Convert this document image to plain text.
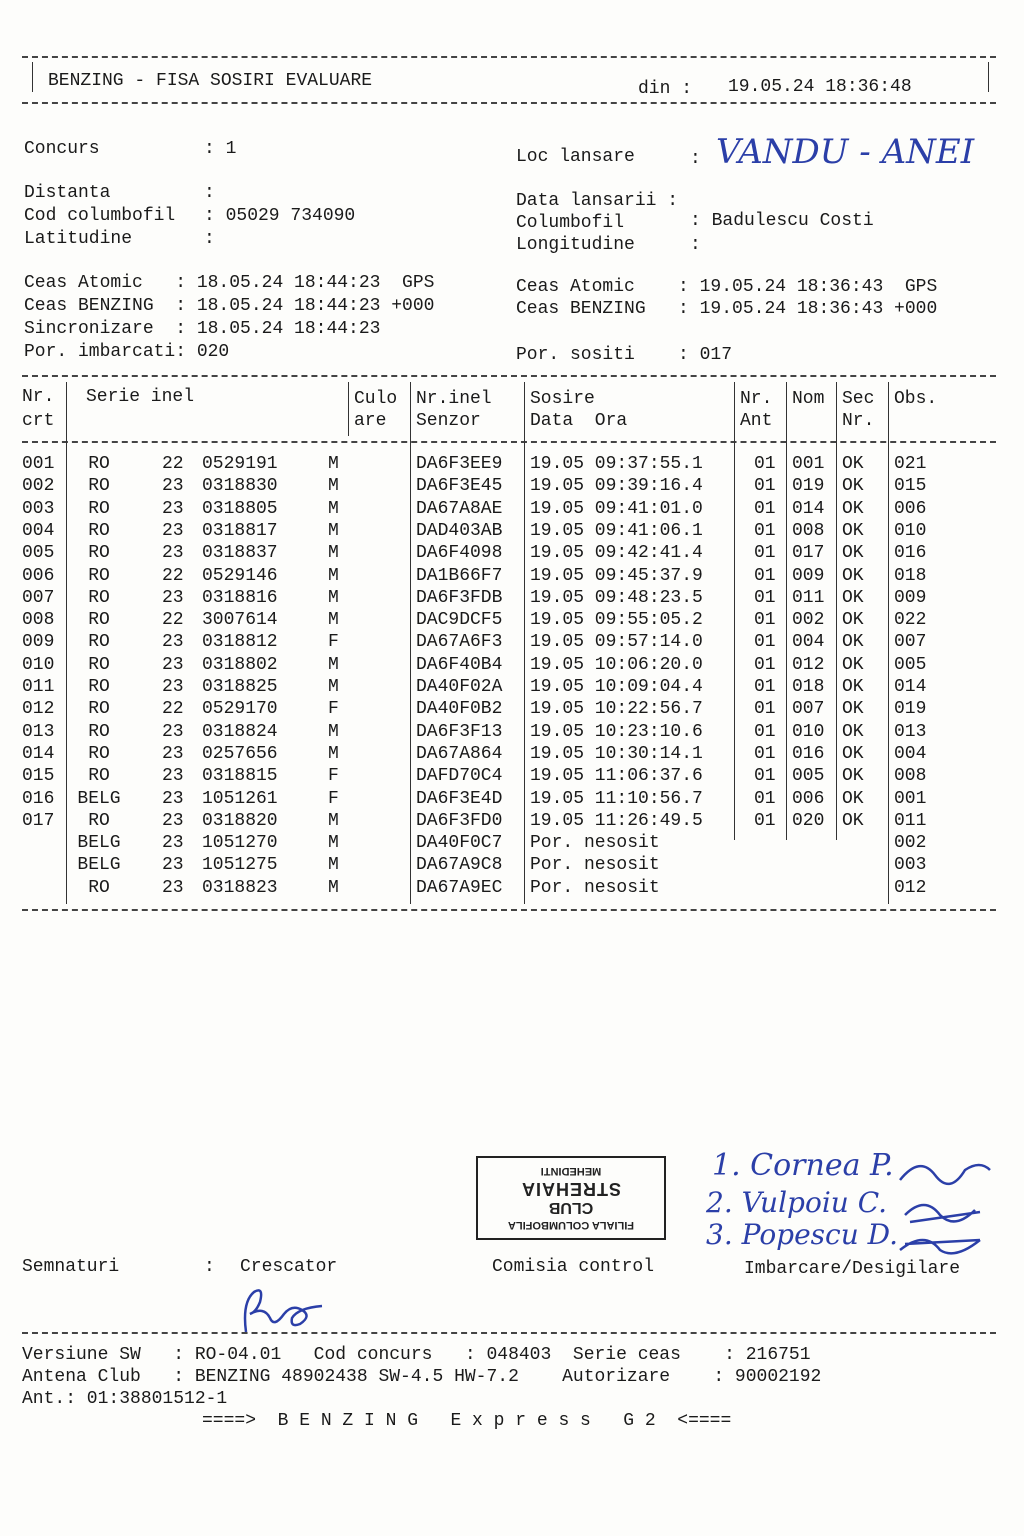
BENZING - FISA SOSIRI EVALUARE	din : 19.05.24 18:36:48
Concurs	: 1	Loc lansare	: VANDU - ANEI
Distanta	:
Cod columbofil : 05029 734090
Latitudine	:
Data lansarii :
Columbofil	: Badulescu Costi
Longitudine	:
Ceas Atomic   : 18.05.24 18:44:23  GPS
Ceas BENZING  : 18.05.24 18:44:23 +000
Sincronizare  : 18.05.24 18:44:23
Por. imbarcati: 020
Ceas Atomic    : 19.05.24 18:36:43  GPS
Ceas BENZING   : 19.05.24 18:36:43 +000
Por. sositi    : 017
Nr.
crt
Serie inel	Culo
are
Nr.inel
Senzor
Sosire
Data  Ora
Nr.
Ant
Nom Sec
Nr.
Obs.
001	RO	22 0529191	M	DA6F3EE9 19.05 09:37:55.1	01 001 OK 021
002	RO	23 0318830	M	DA6F3E45 19.05 09:39:16.4	01 019 OK 015
003	RO	23 0318805	M	DA67A8AE 19.05 09:41:01.0	01 014 OK 006
004	RO	23 0318817	M	DAD403AB 19.05 09:41:06.1	01 008 OK 010
005	RO	23 0318837	M	DA6F4098 19.05 09:42:41.4	01 017 OK 016
006	RO	22 0529146	M	DA1B66F7 19.05 09:45:37.9	01 009 OK 018
007	RO	23 0318816	M	DA6F3FDB 19.05 09:48:23.5	01 011 OK 009
008	RO	22 3007614	M	DAC9DCF5 19.05 09:55:05.2	01 002 OK 022
009	RO	23 0318812	F	DA67A6F3 19.05 09:57:14.0	01 004 OK 007
010	RO	23 0318802	M	DA6F40B4 19.05 10:06:20.0	01 012 OK 005
011	RO	23 0318825	M	DA40F02A 19.05 10:09:04.4	01 018 OK 014
012	RO	22 0529170	F	DA40F0B2 19.05 10:22:56.7	01 007 OK 019
013	RO	23 0318824	M	DA6F3F13 19.05 10:23:10.6	01 010 OK 013
014	RO	23 0257656	M	DA67A864 19.05 10:30:14.1	01 016 OK 004
015	RO	23 0318815	F	DAFD70C4 19.05 11:06:37.6	01 005 OK 008
016 BELG 23 1051261	F	DA6F3E4D 19.05 11:10:56.7	01 006 OK 001
017	RO	23 0318820	M	DA6F3FD0 19.05 11:26:49.5	01 020 OK 011
BELG 23 1051270	M	DA40F0C7 Por. nesosit	002
BELG 23 1051275	M	DA67A9C8 Por. nesosit	003
RO	23 0318823	M	DA67A9EC Por. nesosit	012
FILIALA COLUMBOFILA
CLUB
STREHAIA
MEHEDINTI	1. Cornea P.
2. Vulpoiu C.
3. Popescu D.
Semnaturi	: Crescator	Comisia control	Imbarcare/Desigilare
Versiune SW   : RO-04.01   Cod concurs   : 048403  Serie ceas    : 216751
Antena Club   : BENZING 48902438 SW-4.5 HW-7.2    Autorizare    : 90002192
Ant.: 01:38801512-1
====>  B E N Z I N G   E x p r e s s   G 2  <====
